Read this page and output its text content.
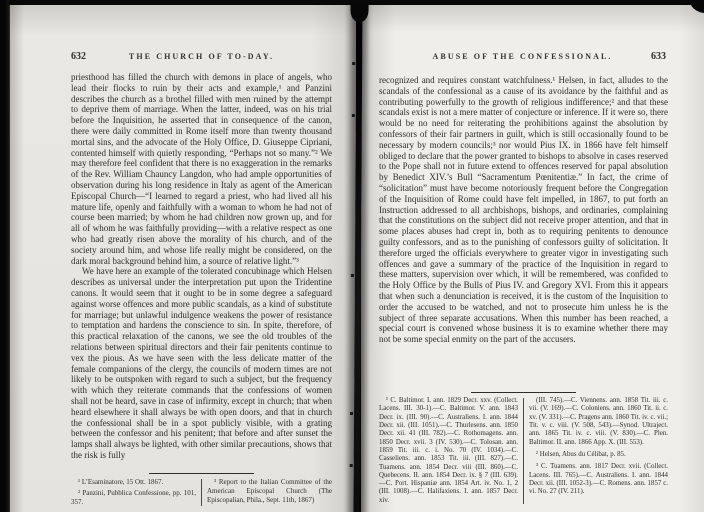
632	THE CHURCH OF TO-DAY.

priesthood has filled the church with demons in place of angels, who lead their flocks to ruin by their acts and example,¹ and Panzini describes the church as a brothel filled with men ruined by the attempt to deprive them of marriage. When the latter, indeed, was on his trial before the Inquisition, he asserted that in consequence of the canon, there were daily committed in Rome itself more than twenty thousand mortal sins, and the advocate of the Holy Office, D. Giuseppe Cipriani, contented himself with quietly responding, “Perhaps not so many.”² We may therefore feel confident that there is no exaggeration in the remarks of the Rev. William Chauncy Langdon, who had ample opportunities of observation during his long residence in Italy as agent of the American Episcopal Church—“I learned to regard a priest, who had lived all his mature life, openly and faithfully with a woman to whom he had not of course been married; by whom he had children now grown up, and for all of whom he was faithfully providing—with a relative respect as one who had greatly risen above the morality of his church, and of the society around him, and whose life really might be considered, on the dark moral background behind him, a source of relative light.”³

We have here an example of the tolerated concubinage which Helsen describes as universal under the interpretation put upon the Tridentine canons. It would seem that it ought to be in some degree a safeguard against worse offences and more public scandals, as a kind of substitute for marriage; but unlawful indulgence weakens the power of resistance to temptation and hardens the conscience to sin. In spite, therefore, of this practical relaxation of the canons, we see the old troubles of the relations between spiritual directors and their fair penitents continue to vex the pious. As we have seen with the less delicate matter of the female companions of the clergy, the councils of modern times are not likely to be outspoken with regard to such a subject, but the frequency with which they reiterate commands that the confessions of women shall not be heard, save in case of infirmity, except in church; that when heard elsewhere it shall always be with open doors, and that in church the confessional shall be in a spot publicly visible, with a grating between the confessor and his penitent; that before and after sunset the lamps shall always be lighted, with other similar precautions, shows that the risk is fully

¹ L’Esaminatore, 15 Ott. 1867.

² Panzini, Pubblica Confessione, pp. 101, 357.

³ Report to the Italian Committee of the American Episcopal Church (The Episcopalian, Phila., Sept. 11th, 1867)

ABUSE OF THE CONFESSIONAL.	633

recognized and requires constant watchfulness.¹ Helsen, in fact, alludes to the scandals of the confessional as a cause of its avoidance by the faithful and as contributing powerfully to the growth of religious indifference;² and that these scandals exist is not a mere matter of conjecture or inference. If it were so, there would be no need for reiterating the prohibitions against the absolution by confessors of their fair partners in guilt, which is still occasionally found to be necessary by modern councils;³ nor would Pius IX. in 1866 have felt himself obliged to declare that the power granted to bishops to absolve in cases reserved to the Pope shall not in future extend to offences reserved for papal absolution by Benedict XIV.’s Bull “Sacramentum Pœnitentiæ.” In fact, the crime of “solicitation” must have become notoriously frequent before the Congregation of the Inquisition of Rome could have felt impelled, in 1867, to put forth an Instruction addressed to all archbishops, bishops, and ordinaries, complaining that the constitutions on the subject did not receive proper attention, and that in some places abuses had crept in, both as to requiring penitents to denounce guilty confessors, and as to the punishing of confessors guilty of solicitation. It therefore urged the officials everywhere to greater vigor in investigating such offences and gave a summary of the practice of the Inquisition in regard to these matters, supervision over which, it will be remembered, was confided to the Holy Office by the Bulls of Pius IV. and Gregory XVI. From this it appears that when such a denunciation is received, it is the custom of the Inquisition to order the accused to be watched, and not to prosecute him unless he is the subject of three separate accusations. When this number has been reached, a special court is convened whose business it is to examine whether there may not be some special enmity on the part of the accusers.

¹ C. Baltimor. I. ann. 1829 Decr. xxv. (Collect. Lacens. III. 30-1).—C. Baltimor. V. ann. 1843 Decr. ix. (III. 90).—C. Australiens. I. ann. 1844 Decr. xii. (III. 1051).—C. Thurlesens. ann. 1850 Decr. xii. 41 (III. 782).—C. Rothomagens. ann. 1850 Decr. xvii. 3 (IV. 530).—C. Tolosan. ann. 1859 Tit. iii. c. i. No. 70 (IV. 1034).—C. Casseliens. ann. 1853 Tit. iii. (III. 827).—C. Tuamens. ann. 1854 Decr. viii (III. 860).—C. Quebecens. II. ann. 1854 Decr. ix. § 7 (III. 639).—C. Port. Hispaniæ ann. 1854 Art. iv. No. 1, 2 (III. 1008).—C. Halifaxiens. I. ann. 1857 Decr. xiv.

(III. 745).—C. Viennens. ann. 1858 Tit. iii. c. vii. (V. 169).—C. Coloniens. ann. 1860 Tit. ii. c. xv. (V. 331).—C. Pragens ann. 1860 Tit. iv. c. vii.; Tit. v. c. viii. (V. 508, 543).—Synod. Ultraject. ann. 1865 Tit. iv. c. viii. (V. 830).—C. Plen. Baltimor. II. ann. 1866 App. X. (III. 553).

² Helsen, Abus du Célibat, p. 85.

³ C. Tuamens. ann. 1817 Decr. xvii. (Collect. Lacens. III. 765).—C. Australiens. I. ann. 1844 Decr. xii. (III. 1052-3).—C. Romens. ann. 1857 c. vi. No. 27 (IV. 211).
